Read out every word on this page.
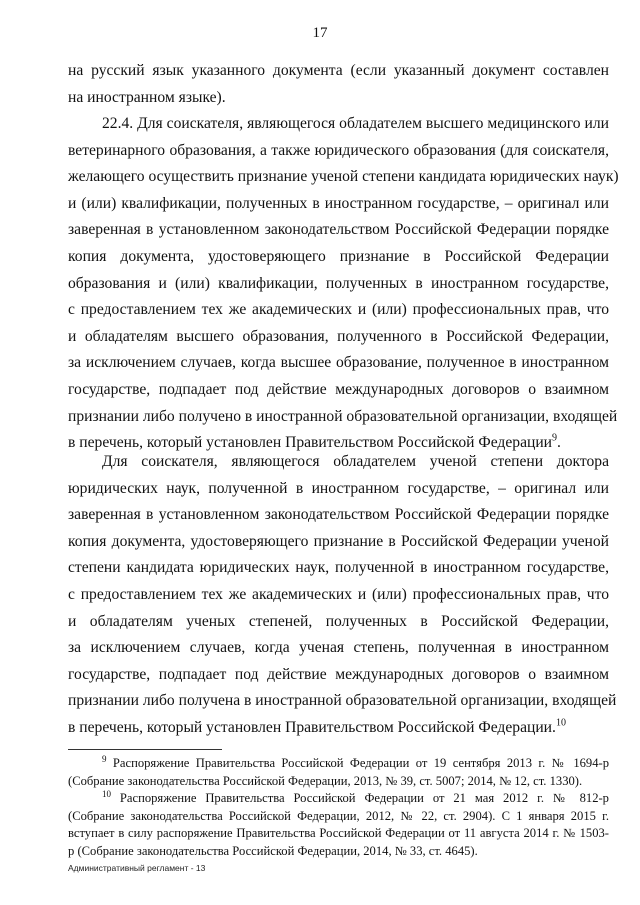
17
на русский язык указанного документа (если указанный документ составлен
на иностранном языке).
22.4. Для соискателя, являющегося обладателем высшего медицинского или
ветеринарного образования, а также юридического образования (для соискателя,
желающего осуществить признание ученой степени кандидата юридических наук)
и (или) квалификации, полученных в иностранном государстве, – оригинал или
заверенная в установленном законодательством Российской Федерации порядке
копия документа, удостоверяющего признание в Российской Федерации
образования и (или) квалификации, полученных в иностранном государстве,
с предоставлением тех же академических и (или) профессиональных прав, что
и обладателям высшего образования, полученного в Российской Федерации,
за исключением случаев, когда высшее образование, полученное в иностранном
государстве, подпадает под действие международных договоров о взаимном
признании либо получено в иностранной образовательной организации, входящей
в перечень, который установлен Правительством Российской Федерации$^9$.
Для соискателя, являющегося обладателем ученой степени доктора
юридических наук, полученной в иностранном государстве, – оригинал или
заверенная в установленном законодательством Российской Федерации порядке
копия документа, удостоверяющего признание в Российской Федерации ученой
степени кандидата юридических наук, полученной в иностранном государстве,
с предоставлением тех же академических и (или) профессиональных прав, что
и обладателям ученых степеней, полученных в Российской Федерации,
за исключением случаев, когда ученая степень, полученная в иностранном
государстве, подпадает под действие международных договоров о взаимном
признании либо получена в иностранной образовательной организации, входящей
в перечень, который установлен Правительством Российской Федерации.$^{10}$
$^9$ Распоряжение Правительства Российской Федерации от 19 сентября 2013 г. № 1694-р
(Собрание законодательства Российской Федерации, 2013, № 39, ст. 5007; 2014, № 12, ст. 1330).
$^{10}$ Распоряжение Правительства Российской Федерации от 21 мая 2012 г. № 812-р
(Собрание законодательства Российской Федерации, 2012, № 22, ст. 2904). С 1 января 2015 г.
вступает в силу распоряжение Правительства Российской Федерации от 11 августа 2014 г. № 1503-
р (Собрание законодательства Российской Федерации, 2014, № 33, ст. 4645).
Административный регламент - 13
